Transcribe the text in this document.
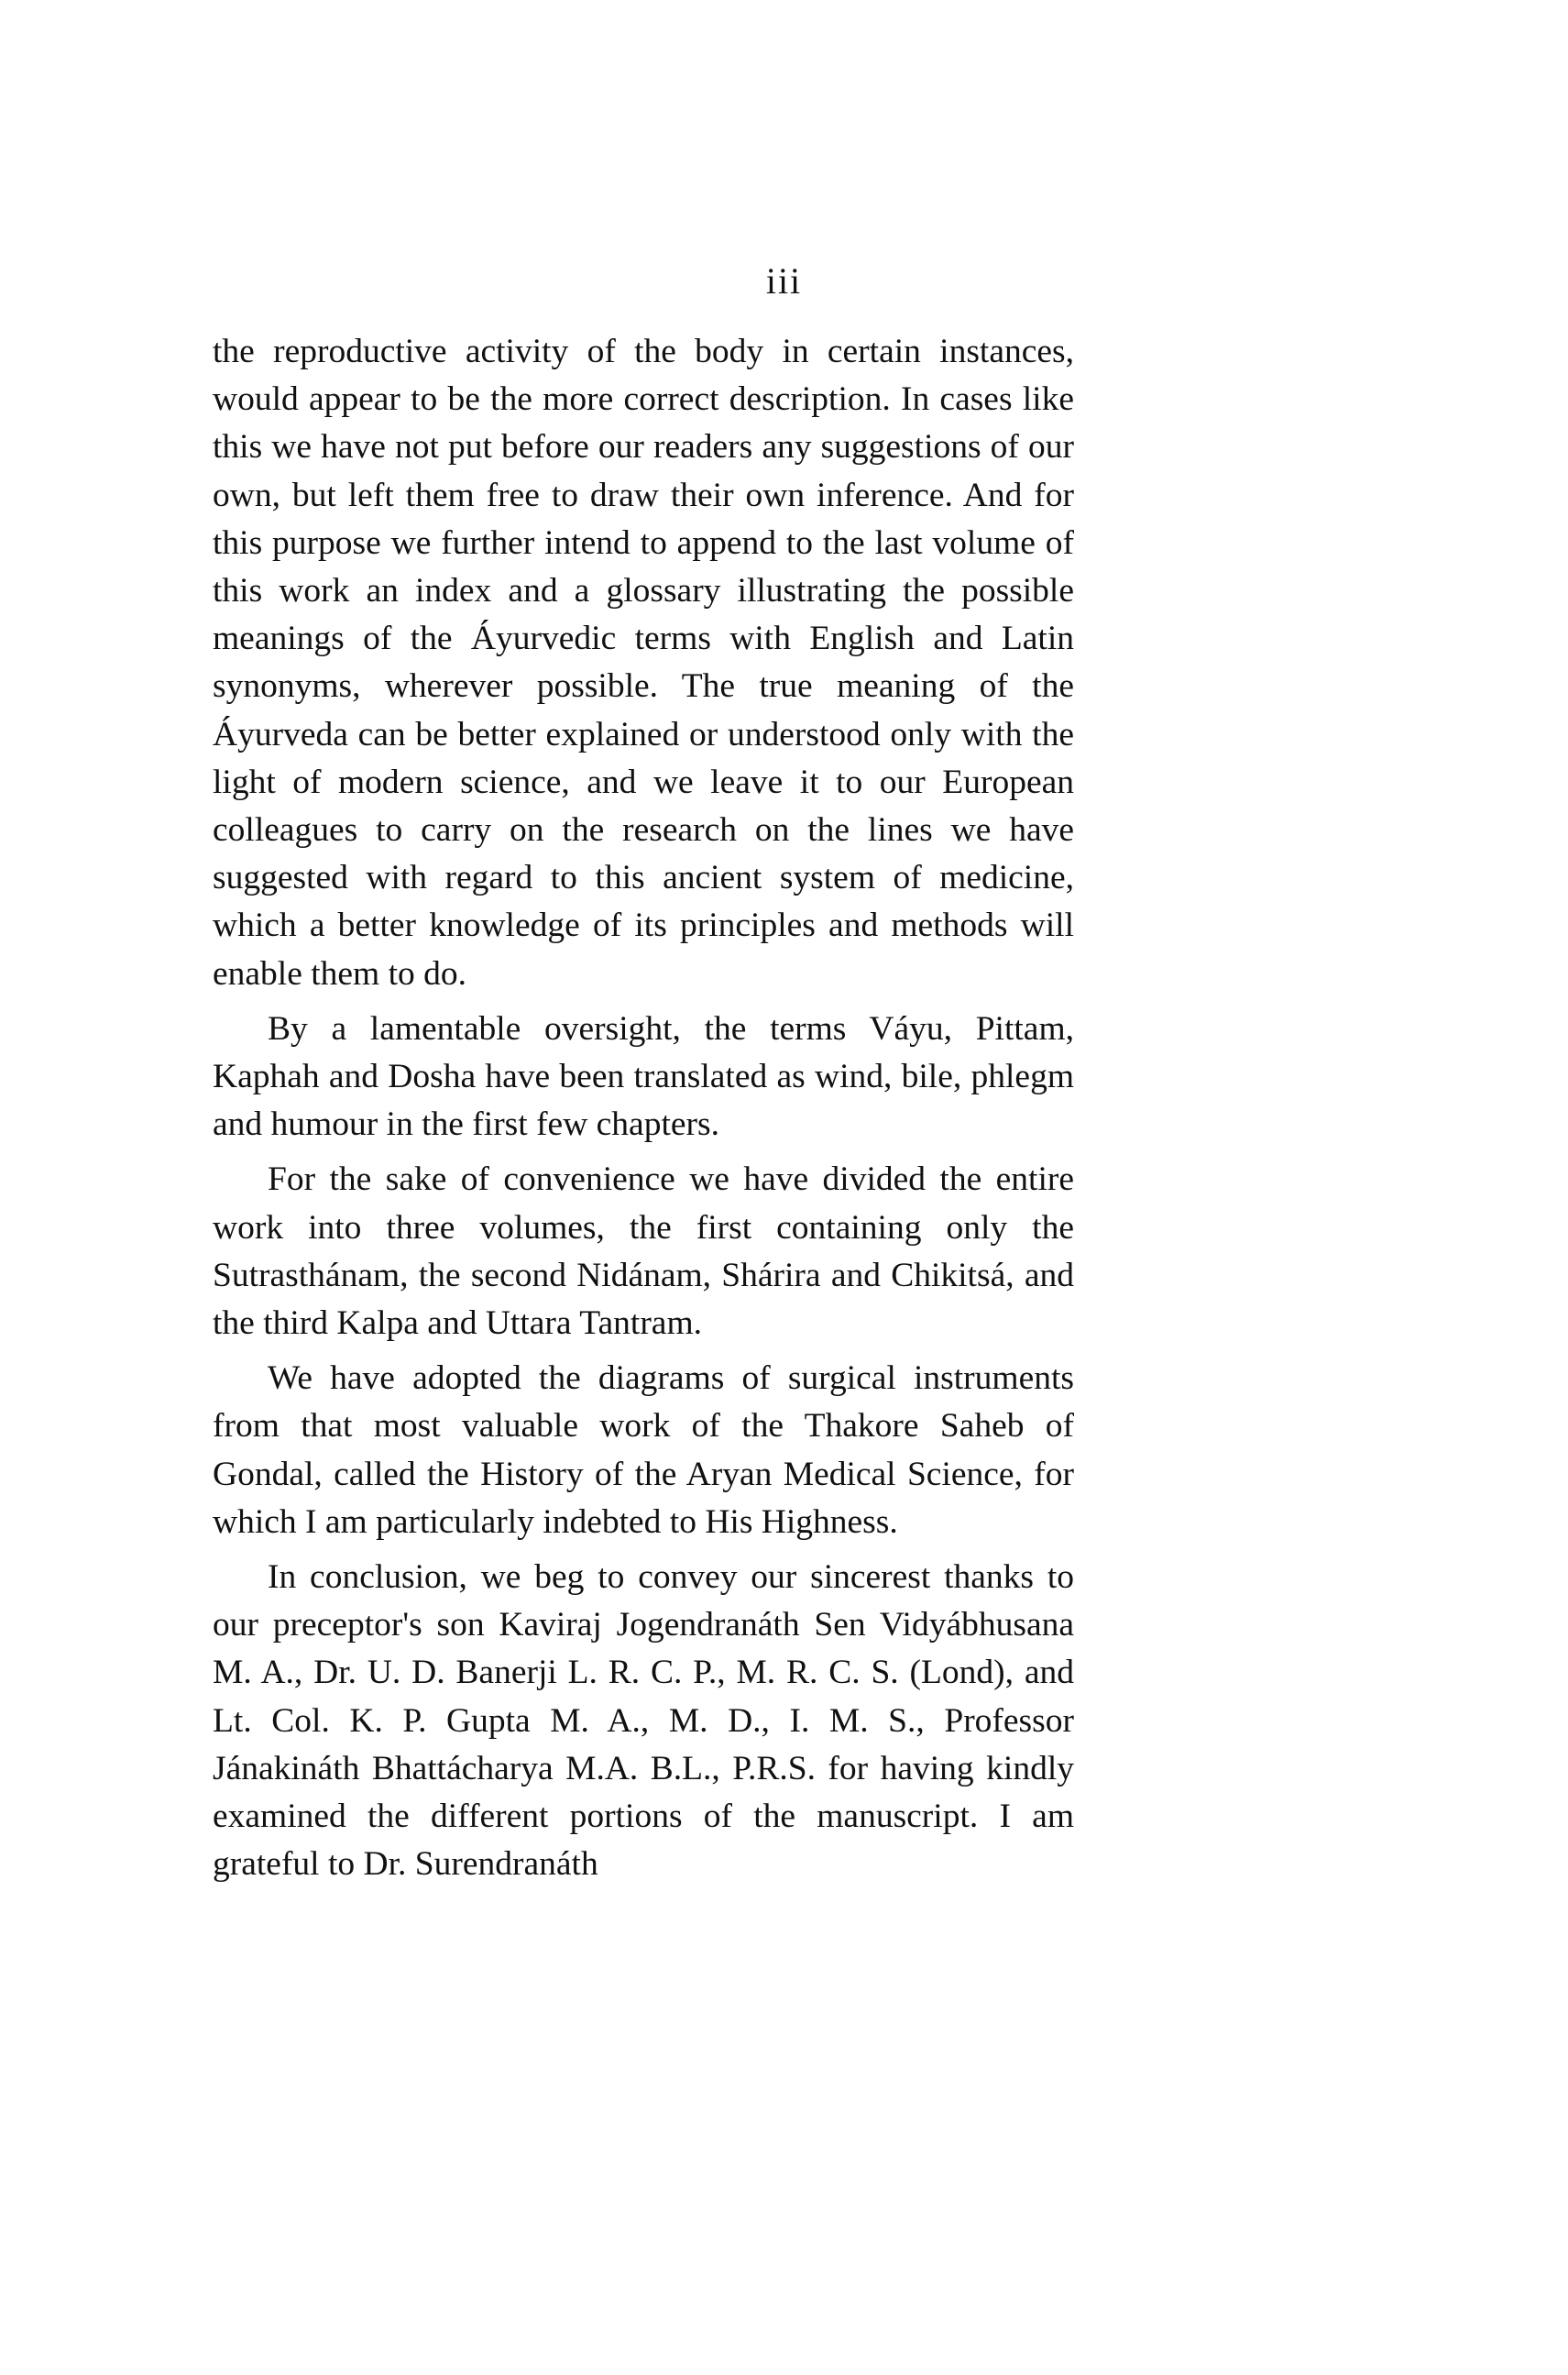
iii

the reproductive activity of the body in certain instances, would appear to be the more correct description. In cases like this we have not put before our readers any suggestions of our own, but left them free to draw their own inference. And for this purpose we further intend to append to the last volume of this work an index and a glossary illustrating the possible meanings of the Áyurvedic terms with English and Latin synonyms, wherever possible. The true meaning of the Áyurveda can be better explained or understood only with the light of modern science, and we leave it to our European colleagues to carry on the research on the lines we have suggested with regard to this ancient system of medicine, which a better knowledge of its principles and methods will enable them to do.

By a lamentable oversight, the terms Váyu, Pittam, Kaphah and Dosha have been translated as wind, bile, phlegm and humour in the first few chapters.

For the sake of convenience we have divided the entire work into three volumes, the first containing only the Sutrasthánam, the second Nidánam, Shárira and Chikitsá, and the third Kalpa and Uttara Tantram.

We have adopted the diagrams of surgical instruments from that most valuable work of the Thakore Saheb of Gondal, called the History of the Aryan Medical Science, for which I am particularly indebted to His Highness.

In conclusion, we beg to convey our sincerest thanks to our preceptor's son Kaviraj Jogendranáth Sen Vidyábhusana M. A., Dr. U. D. Banerji L. R. C. P., M. R. C. S. (Lond), and Lt. Col. K. P. Gupta M. A., M. D., I. M. S., Professor Jánakináth Bhattácharya M.A. B.L., P.R.S. for having kindly examined the different portions of the manuscript. I am grateful to Dr. Surendranáth
